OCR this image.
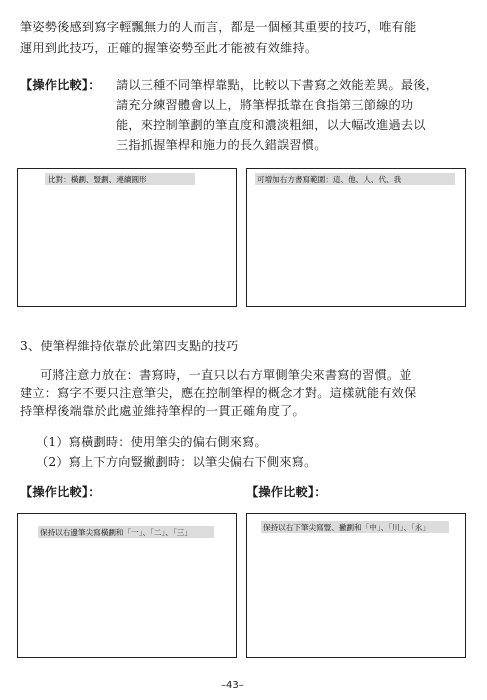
筆姿勢後感到寫字輕飄無力的人而言，都是一個極其重要的技巧，唯有能
運用到此技巧，正確的握筆姿勢至此才能被有效維持。
【操作比較】： 請以三種不同筆桿靠點，比較以下書寫之效能差異。最後，
請充分練習體會以上，將筆桿抵靠在食指第三節線的功
能，來控制筆劃的筆直度和濃淡粗細，以大幅改進過去以
三指抓握筆桿和施力的長久錯誤習慣。
比對：橫劃、豎劃、連續圓形	可增加右方書寫範圍：這、他、人、代、我
3、使筆桿維持依靠於此第四支點的技巧
可將注意力放在：書寫時，一直只以右方單側筆尖來書寫的習慣。並
建立：寫字不要只注意筆尖，應在控制筆桿的概念才對。這樣就能有效保
持筆桿後端靠於此處並維持筆桿的一貫正確角度了。
（1）寫橫劃時：使用筆尖的偏右側來寫。
（2）寫上下方向豎撇劃時：以筆尖偏右下側來寫。
【操作比較】：	【操作比較】：
保持以右邊筆尖寫橫劃和「一」、「二」、「三」
保持以右下筆尖寫豎、撇劃和「中」、「川」、「永」
–43–
